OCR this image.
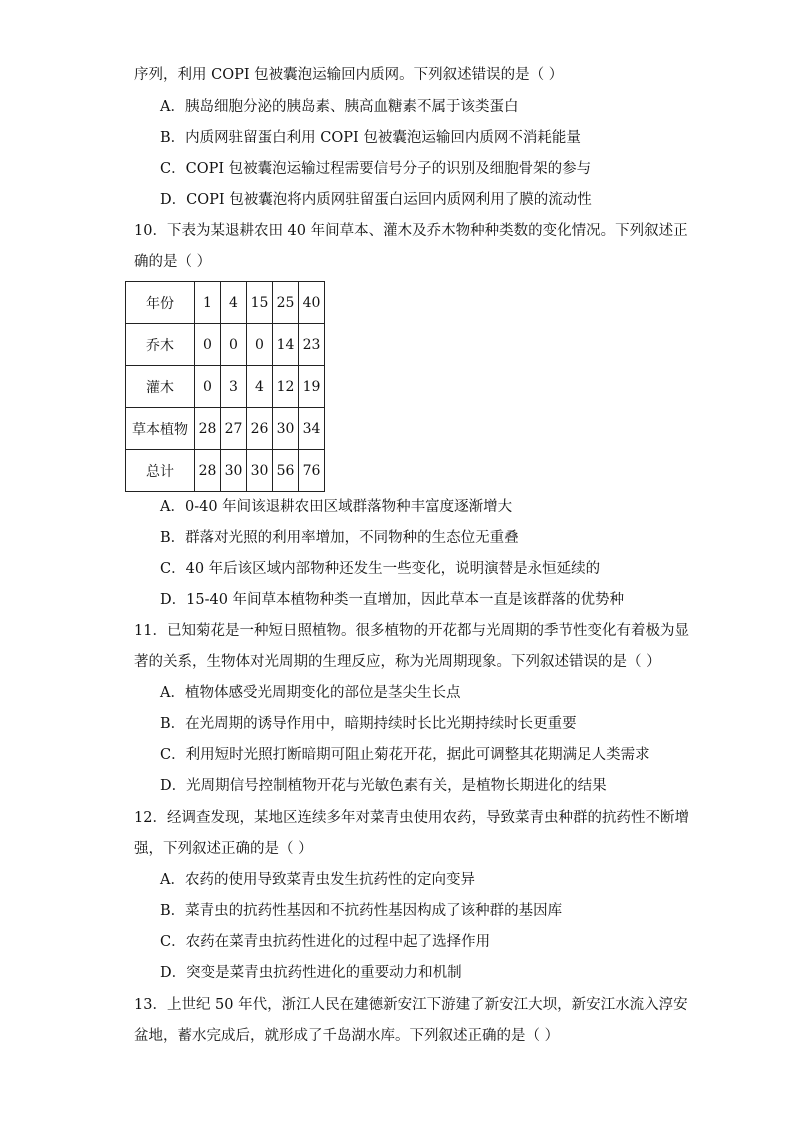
序列，利用 COPI 包被囊泡运输回内质网。下列叙述错误的是（ ）
A．胰岛细胞分泌的胰岛素、胰高血糖素不属于该类蛋白
B．内质网驻留蛋白利用 COPI 包被囊泡运输回内质网不消耗能量
C．COPI 包被囊泡运输过程需要信号分子的识别及细胞骨架的参与
D．COPI 包被囊泡将内质网驻留蛋白运回内质网利用了膜的流动性
10．下表为某退耕农田 40 年间草本、灌木及乔木物种种类数的变化情况。下列叙述正
确的是（ ）
年份	1	4	15	25	40
乔木	0	0	0	14	23
灌木	0	3	4	12	19
草本植物	28	27	26	30	34
总计	28	30	30	56	76
A．0-40 年间该退耕农田区域群落物种丰富度逐渐增大
B．群落对光照的利用率增加，不同物种的生态位无重叠
C．40 年后该区域内部物种还发生一些变化，说明演替是永恒延续的
D．15-40 年间草本植物种类一直增加，因此草本一直是该群落的优势种
11．已知菊花是一种短日照植物。很多植物的开花都与光周期的季节性变化有着极为显
著的关系，生物体对光周期的生理反应，称为光周期现象。下列叙述错误的是（ ）
A．植物体感受光周期变化的部位是茎尖生长点
B．在光周期的诱导作用中，暗期持续时长比光期持续时长更重要
C．利用短时光照打断暗期可阻止菊花开花，据此可调整其花期满足人类需求
D．光周期信号控制植物开花与光敏色素有关，是植物长期进化的结果
12．经调查发现，某地区连续多年对菜青虫使用农药，导致菜青虫种群的抗药性不断增
强，下列叙述正确的是（ ）
A．农药的使用导致菜青虫发生抗药性的定向变异
B．菜青虫的抗药性基因和不抗药性基因构成了该种群的基因库
C．农药在菜青虫抗药性进化的过程中起了选择作用
D．突变是菜青虫抗药性进化的重要动力和机制
13．上世纪 50 年代，浙江人民在建德新安江下游建了新安江大坝，新安江水流入淳安
盆地，蓄水完成后，就形成了千岛湖水库。下列叙述正确的是（ ）
